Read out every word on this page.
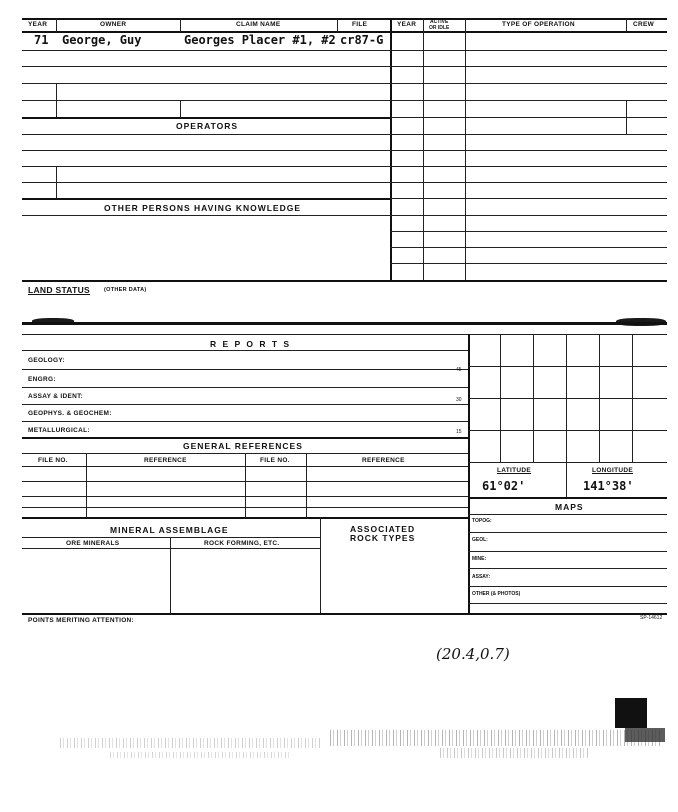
YEAR	OWNER	CLAIM NAME	FILE	YEAR	ACTIVE
OR IDLE	TYPE OF OPERATION	CREW
71 George, Guy	Georges Placer #1, #2 cr87-G
OPERATORS
OTHER PERSONS HAVING KNOWLEDGE
LAND STATUS	(OTHER DATA)
R E P O R T S
GEOLOGY:
ENGRG:
ASSAY & IDENT:
GEOPHYS. & GEOCHEM:
METALLURGICAL:
45
30
15
GENERAL REFERENCES
FILE NO.	REFERENCE	FILE NO.	REFERENCE
LATITUDE	LONGITUDE
61°02'	141°38'
MAPS
TOPOG:
GEOL:
MINE:
ASSAY:
OTHER (& PHOTOS)
MINERAL ASSEMBLAGE	ASSOCIATED
ROCK TYPES
ORE MINERALS	ROCK FORMING, ETC.
POINTS MERITING ATTENTION:	SP-14612
(20.4,0.7)
